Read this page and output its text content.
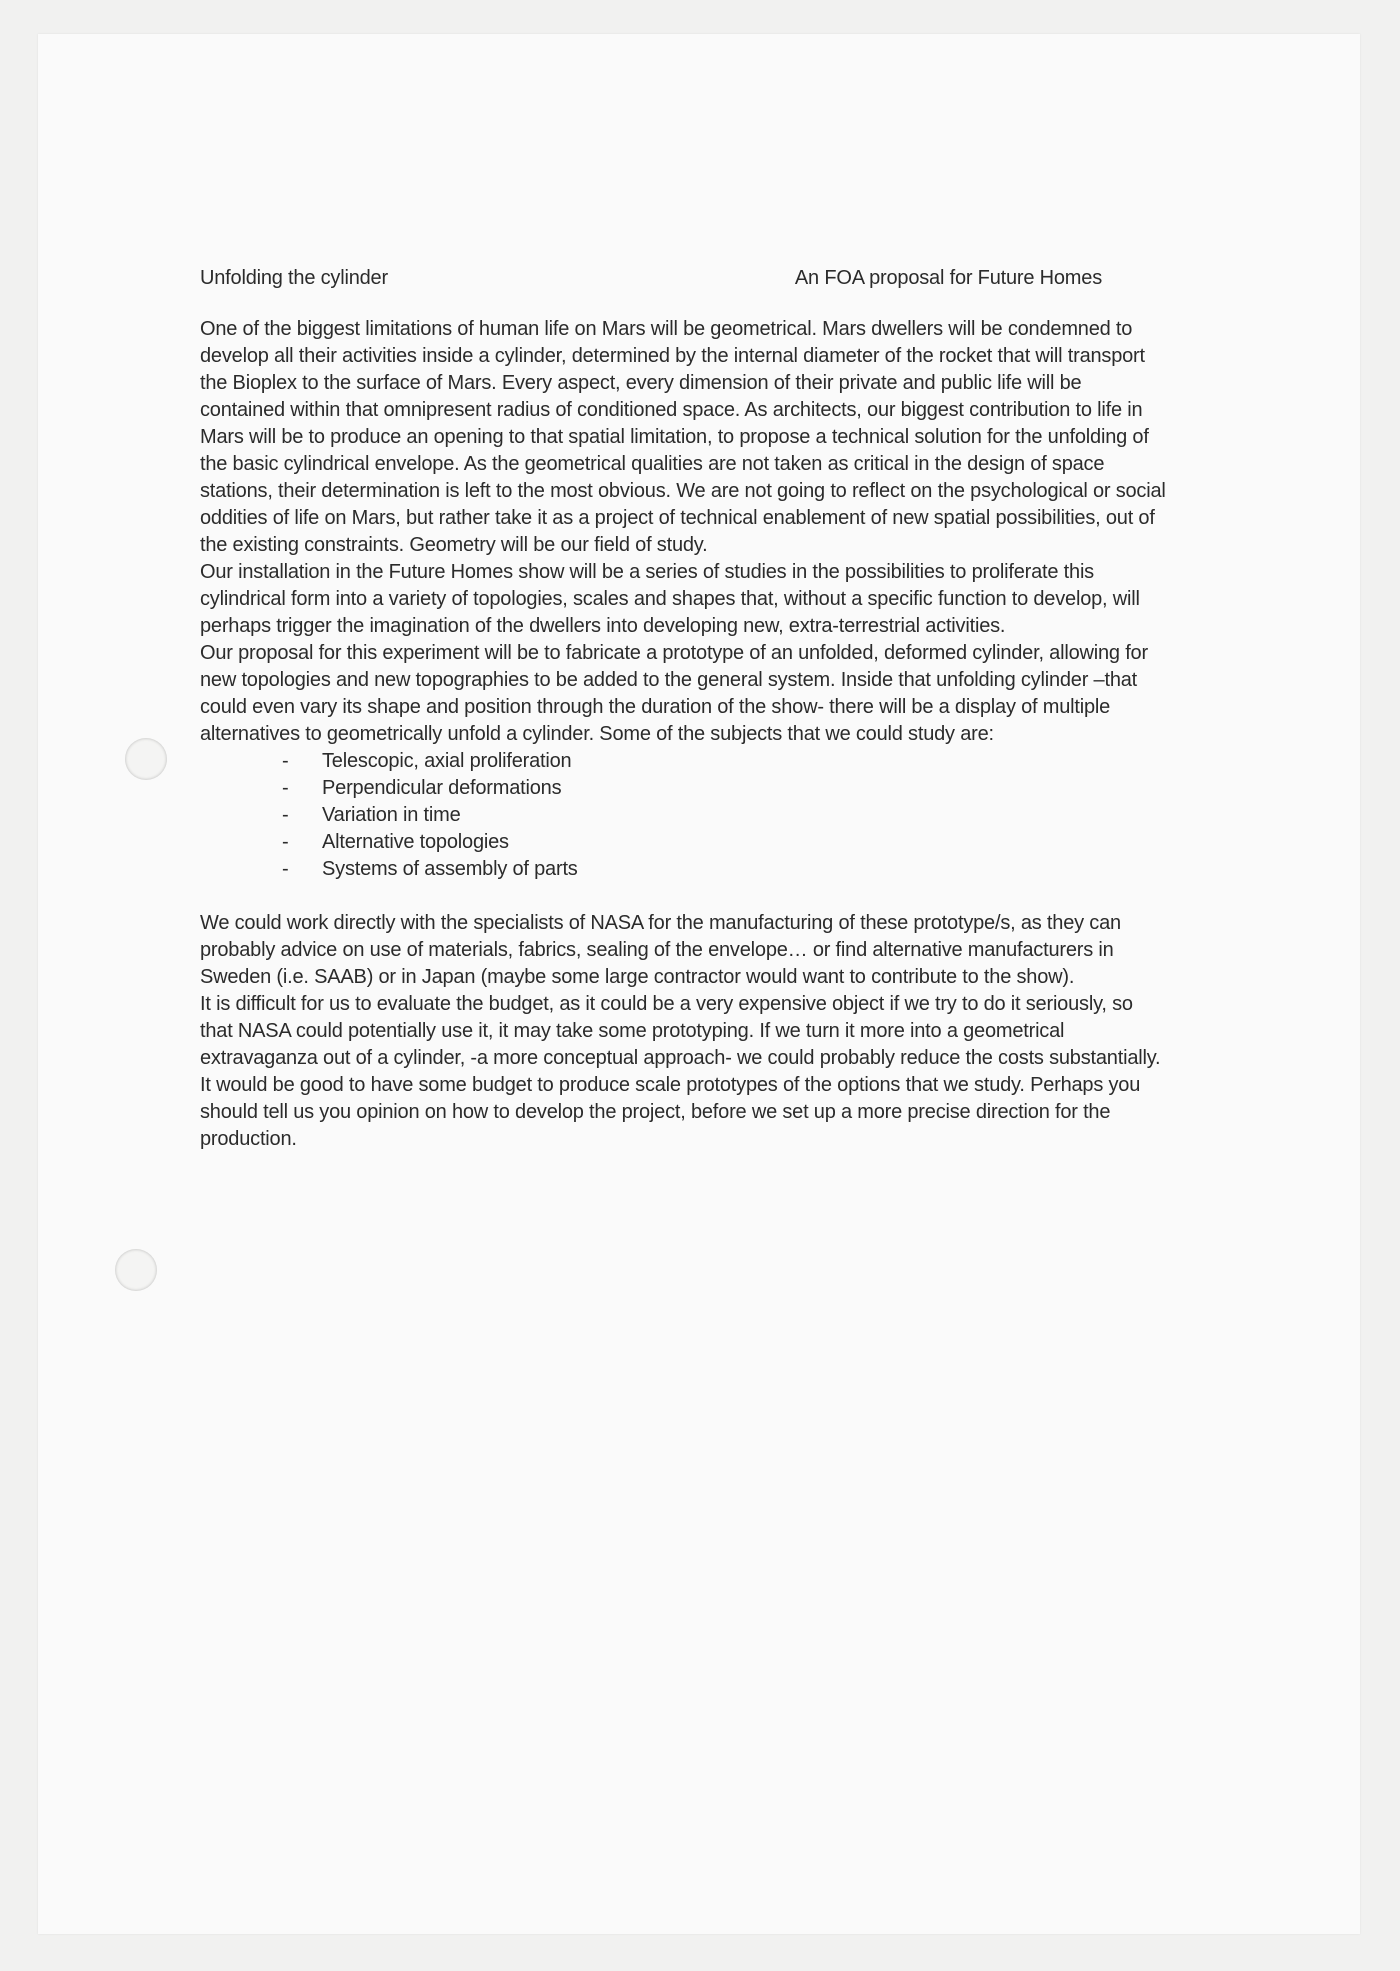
Unfolding the cylinder	An FOA proposal for Future Homes

One of the biggest limitations of human life on Mars will be geometrical. Mars dwellers will be condemned to develop all their activities inside a cylinder, determined by the internal diameter of the rocket that will transport the Bioplex to the surface of Mars. Every aspect, every dimension of their private and public life will be contained within that omnipresent radius of conditioned space. As architects, our biggest contribution to life in Mars will be to produce an opening to that spatial limitation, to propose a technical solution for the unfolding of the basic cylindrical envelope. As the geometrical qualities are not taken as critical in the design of space stations, their determination is left to the most obvious. We are not going to reflect on the psychological or social oddities of life on Mars, but rather take it as a project of technical enablement of new spatial possibilities, out of the existing constraints. Geometry will be our field of study.

Our installation in the Future Homes show will be a series of studies in the possibilities to proliferate this cylindrical form into a variety of topologies, scales and shapes that, without a specific function to develop, will perhaps trigger the imagination of the dwellers into developing new, extra-terrestrial activities.

Our proposal for this experiment will be to fabricate a prototype of an unfolded, deformed cylinder, allowing for new topologies and new topographies to be added to the general system. Inside that unfolding cylinder –that could even vary its shape and position through the duration of the show- there will be a display of multiple alternatives to geometrically unfold a cylinder. Some of the subjects that we could study are:

-	Telescopic, axial proliferation
-	Perpendicular deformations
-	Variation in time
-	Alternative topologies
-	Systems of assembly of parts

We could work directly with the specialists of NASA for the manufacturing of these prototype/s, as they can probably advice on use of materials, fabrics, sealing of the envelope… or find alternative manufacturers in Sweden (i.e. SAAB) or in Japan (maybe some large contractor would want to contribute to the show).

It is difficult for us to evaluate the budget, as it could be a very expensive object if we try to do it seriously, so that NASA could potentially use it, it may take some prototyping. If we turn it more into a geometrical extravaganza out of a cylinder, -a more conceptual approach- we could probably reduce the costs substantially. It would be good to have some budget to produce scale prototypes of the options that we study. Perhaps you should tell us you opinion on how to develop the project, before we set up a more precise direction for the production.
